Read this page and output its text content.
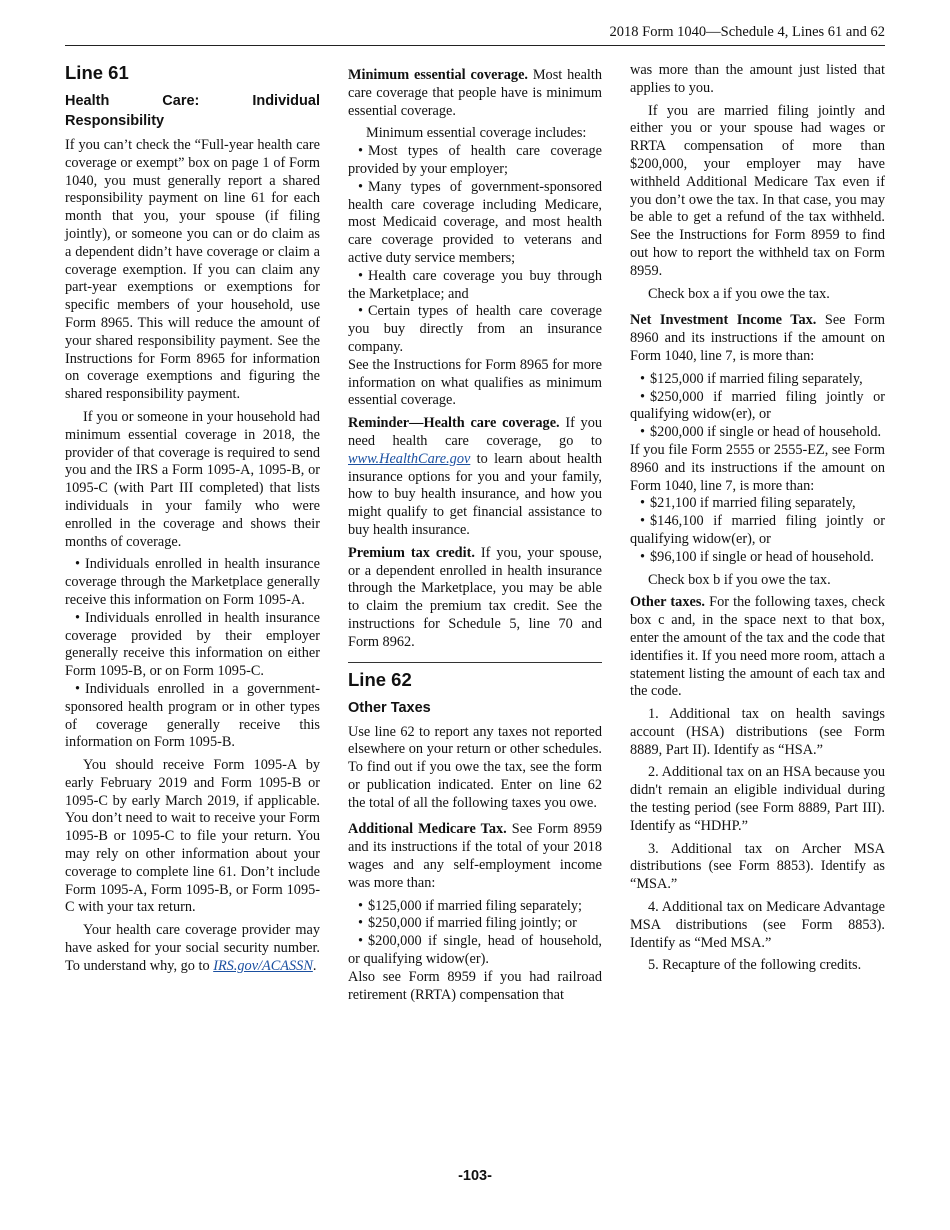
2018 Form 1040—Schedule 4, Lines 61 and 62
Line 61
Health Care: Individual Responsibility

If you can’t check the “Full-year health care coverage or exempt” box on page 1 of Form 1040, you must generally report a shared responsibility payment on line 61 for each month that you, your spouse (if filing jointly), or someone you can or do claim as a dependent didn’t have coverage or claim a coverage exemption. If you can claim any part-year exemptions or exemptions for specific members of your household, use Form 8965. This will reduce the amount of your shared responsibility payment. See the Instructions for Form 8965 for information on coverage exemptions and figuring the shared responsibility payment.

If you or someone in your household had minimum essential coverage in 2018, the provider of that coverage is required to send you and the IRS a Form 1095-A, 1095-B, or 1095-C (with Part III completed) that lists individuals in your family who were enrolled in the coverage and shows their months of coverage.

• Individuals enrolled in health insurance coverage through the Marketplace generally receive this information on Form 1095-A.

• Individuals enrolled in health insurance coverage provided by their employer generally receive this information on either Form 1095-B, or on Form 1095-C.

• Individuals enrolled in a government-sponsored health program or in other types of coverage generally receive this information on Form 1095-B.

You should receive Form 1095-A by early February 2019 and Form 1095-B or 1095-C by early March 2019, if applicable. You don’t need to wait to receive your Form 1095-B or 1095-C to file your return. You may rely on other information about your coverage to complete line 61. Don’t include Form 1095-A, Form 1095-B, or Form 1095-C with your tax return.

Your health care coverage provider may have asked for your social security number. To understand why, go to IRS.gov/ACASSN.

Minimum essential coverage. Most health care coverage that people have is minimum essential coverage.

Minimum essential coverage includes:

• Most types of health care coverage provided by your employer;

• Many types of government-sponsored health care coverage including Medicare, most Medicaid coverage, and most health care coverage provided to veterans and active duty service members;

• Health care coverage you buy through the Marketplace; and

• Certain types of health care coverage you buy directly from an insurance company.

See the Instructions for Form 8965 for more information on what qualifies as minimum essential coverage.

Reminder—Health care coverage. If you need health care coverage, go to www.HealthCare.gov to learn about health insurance options for you and your family, how to buy health insurance, and how you might qualify to get financial assistance to buy health insurance.

Premium tax credit. If you, your spouse, or a dependent enrolled in health insurance through the Marketplace, you may be able to claim the premium tax credit. See the instructions for Schedule 5, line 70 and Form 8962.

Line 62
Other Taxes

Use line 62 to report any taxes not reported elsewhere on your return or other schedules. To find out if you owe the tax, see the form or publication indicated. Enter on line 62 the total of all the following taxes you owe.

Additional Medicare Tax. See Form 8959 and its instructions if the total of your 2018 wages and any self-employment income was more than:

• $125,000 if married filing separately;

• $250,000 if married filing jointly; or

• $200,000 if single, head of household, or qualifying widow(er).

Also see Form 8959 if you had railroad retirement (RRTA) compensation that

was more than the amount just listed that applies to you.

If you are married filing jointly and either you or your spouse had wages or RRTA compensation of more than $200,000, your employer may have withheld Additional Medicare Tax even if you don’t owe the tax. In that case, you may be able to get a refund of the tax withheld. See the Instructions for Form 8959 to find out how to report the withheld tax on Form 8959.

Check box a if you owe the tax.

Net Investment Income Tax. See Form 8960 and its instructions if the amount on Form 1040, line 7, is more than:

• $125,000 if married filing separately,

• $250,000 if married filing jointly or qualifying widow(er), or

• $200,000 if single or head of household.

If you file Form 2555 or 2555-EZ, see Form 8960 and its instructions if the amount on Form 1040, line 7, is more than:

• $21,100 if married filing separately,

• $146,100 if married filing jointly or qualifying widow(er), or

• $96,100 if single or head of household.

Check box b if you owe the tax.

Other taxes. For the following taxes, check box c and, in the space next to that box, enter the amount of the tax and the code that identifies it. If you need more room, attach a statement listing the amount of each tax and the code.

1. Additional tax on health savings account (HSA) distributions (see Form 8889, Part II). Identify as “HSA.”

2. Additional tax on an HSA because you didn't remain an eligible individual during the testing period (see Form 8889, Part III). Identify as “HDHP.”

3. Additional tax on Archer MSA distributions (see Form 8853). Identify as “MSA.”

4. Additional tax on Medicare Advantage MSA distributions (see Form 8853). Identify as “Med MSA.”

5. Recapture of the following credits.

-103-
